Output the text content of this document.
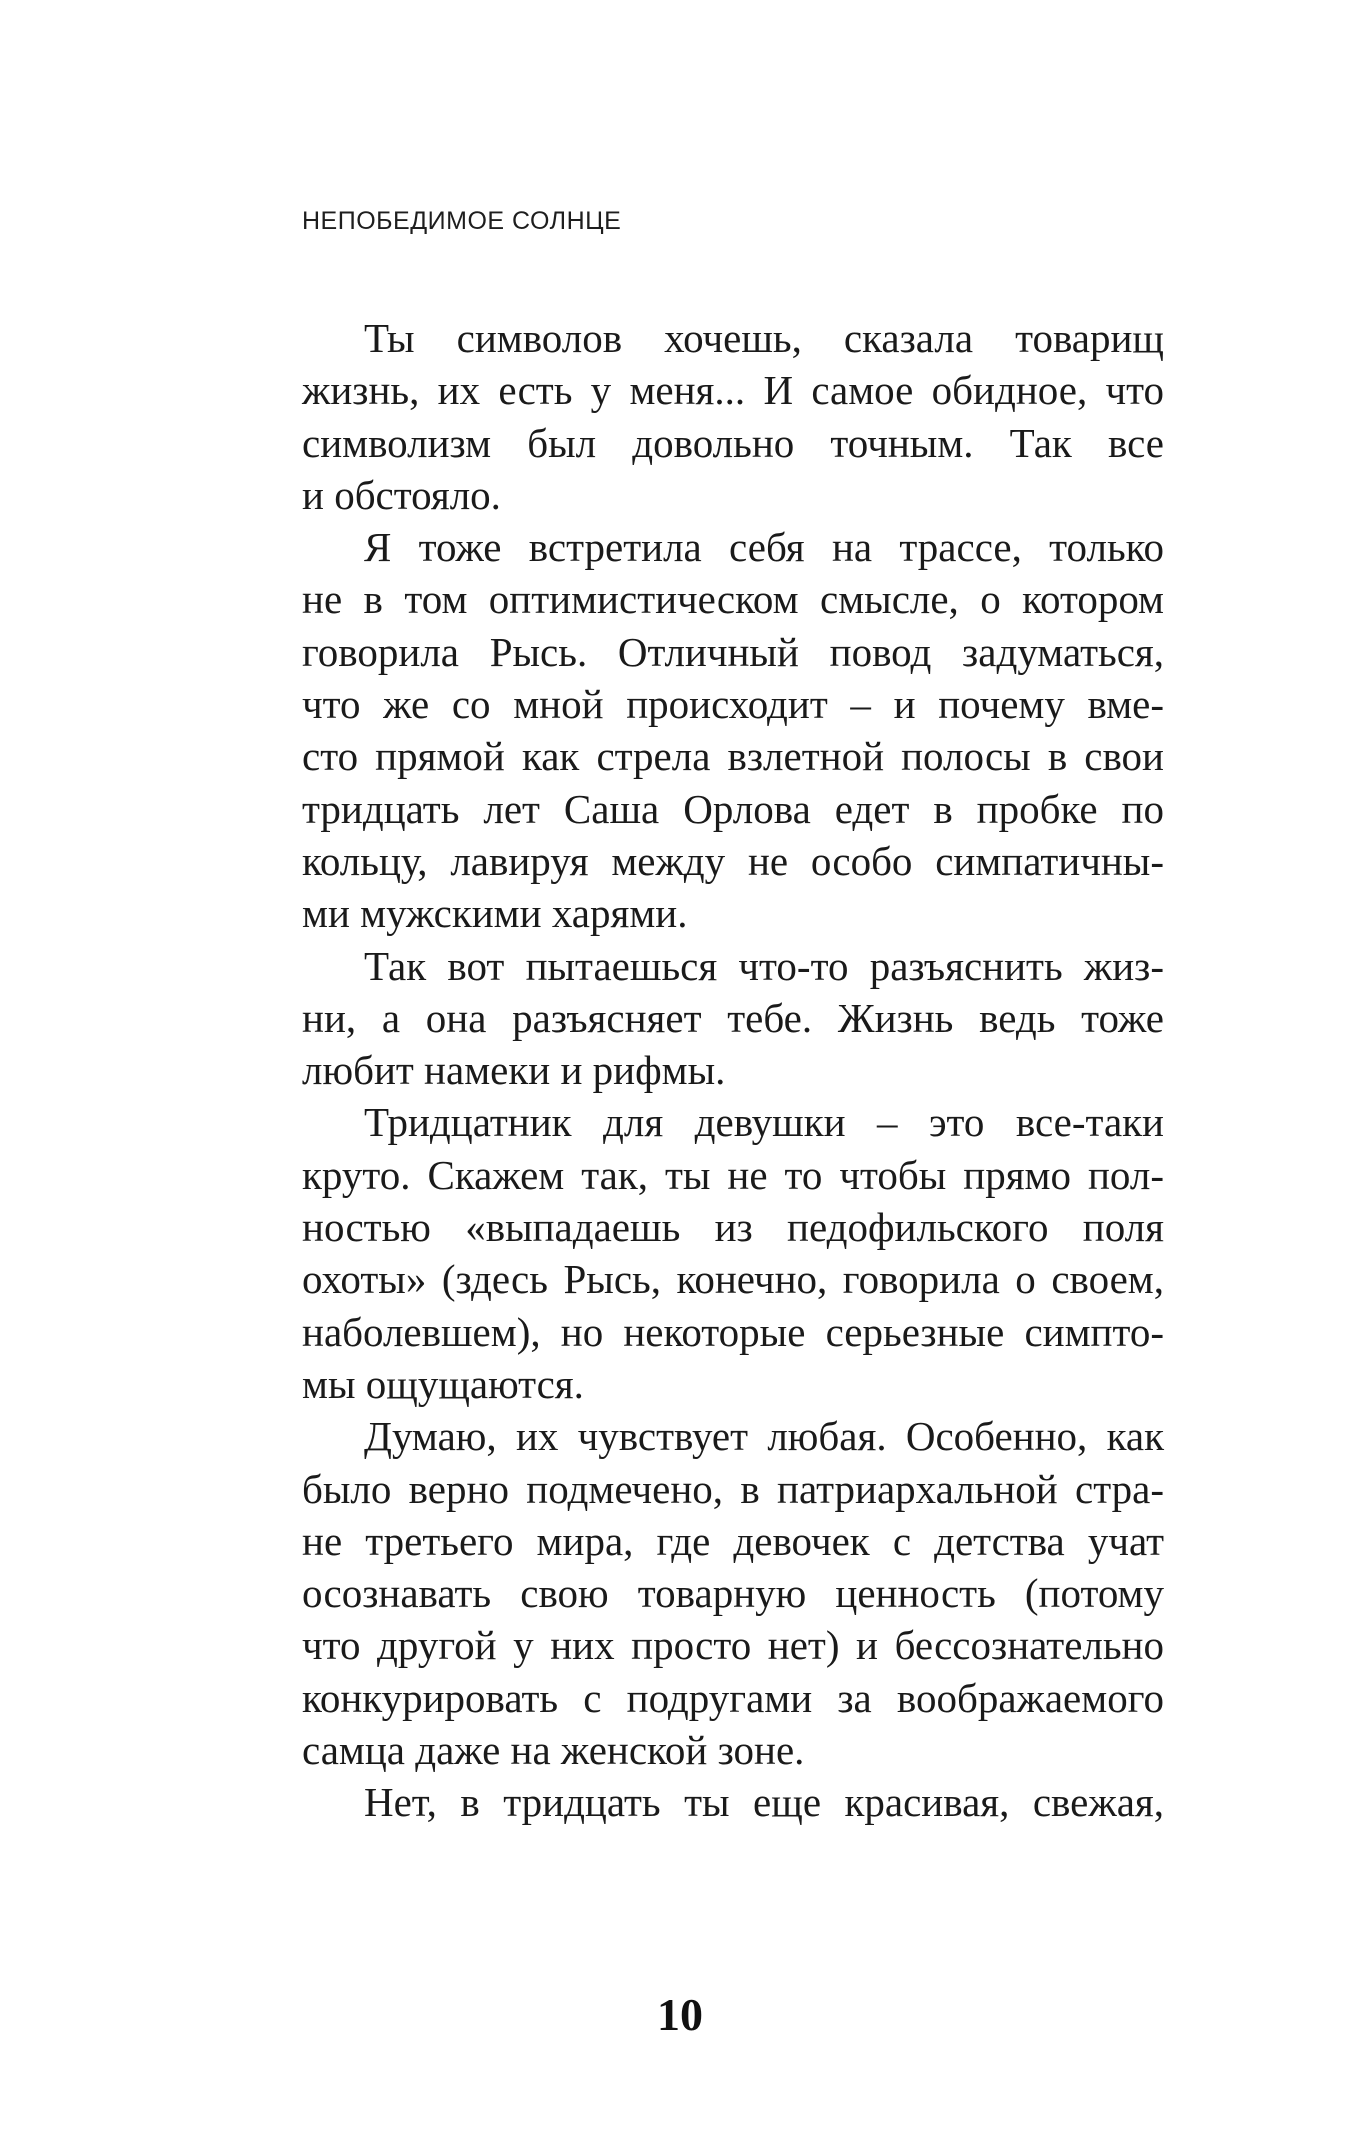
НЕПОБЕДИМОЕ СОЛНЦЕ

Ты символов хочешь, сказала товарищ
жизнь, их есть у меня... И самое обидное, что
символизм был довольно точным. Так все
и обстояло.

Я тоже встретила себя на трассе, только
не в том оптимистическом смысле, о котором
говорила Рысь. Отличный повод задуматься,
что же со мной происходит – и почему вме-
сто прямой как стрела взлетной полосы в свои
тридцать лет Саша Орлова едет в пробке по
кольцу, лавируя между не особо симпатичны-
ми мужскими харями.

Так вот пытаешься что-то разъяснить жиз-
ни, а она разъясняет тебе. Жизнь ведь тоже
любит намеки и рифмы.

Тридцатник для девушки – это все-таки
круто. Скажем так, ты не то чтобы прямо пол-
ностью «выпадаешь из педофильского поля
охоты» (здесь Рысь, конечно, говорила о своем,
наболевшем), но некоторые серьезные симпто-
мы ощущаются.

Думаю, их чувствует любая. Особенно, как
было верно подмечено, в патриархальной стра-
не третьего мира, где девочек с детства учат
осознавать свою товарную ценность (потому
что другой у них просто нет) и бессознательно
конкурировать с подругами за воображаемого
самца даже на женской зоне.

Нет, в тридцать ты еще красивая, свежая,

10
